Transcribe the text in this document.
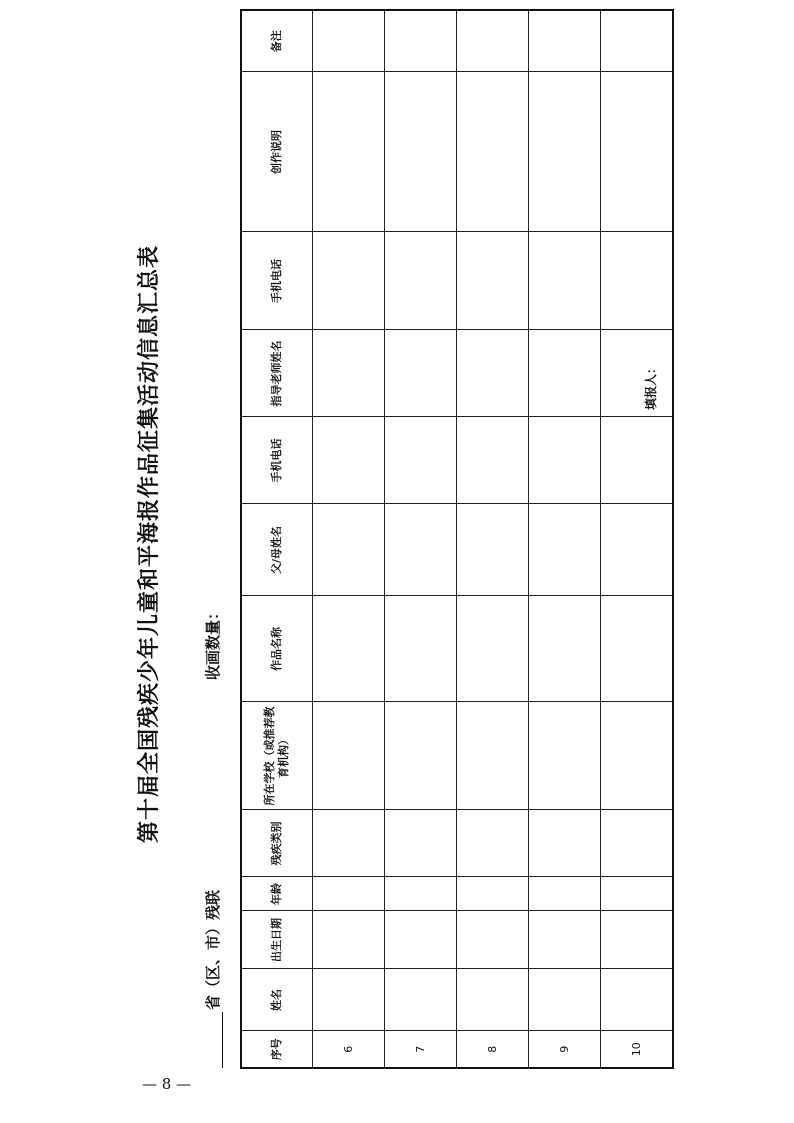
第十届全国残疾少年儿童和平海报作品征集活动信息汇总表
省（区、市）残联
收画数量：
序号	姓名	出生日期	年龄	残疾类别	所在学校（或推荐教育机构）	作品名称	父/母姓名	手机电话	指导老师姓名	手机电话	创作说明	备注
6												
7												
8												
9												
10												
填报人：
— 8 —
